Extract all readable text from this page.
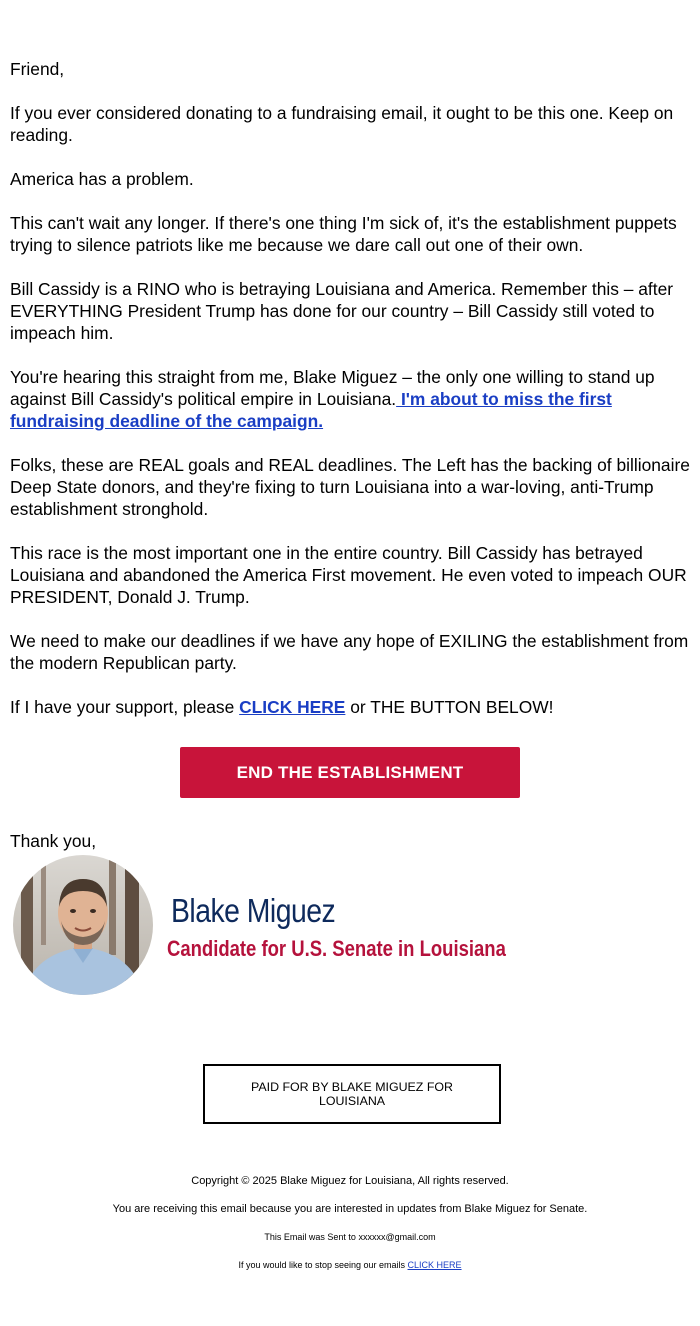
Friend,

If you ever considered donating to a fundraising email, it ought to be this one. Keep on reading.

America has a problem.

This can't wait any longer. If there's one thing I'm sick of, it's the establishment puppets trying to silence patriots like me because we dare call out one of their own.

Bill Cassidy is a RINO who is betraying Louisiana and America. Remember this – after EVERYTHING President Trump has done for our country – Bill Cassidy still voted to impeach him.

You're hearing this straight from me, Blake Miguez – the only one willing to stand up against Bill Cassidy's political empire in Louisiana. I'm about to miss the first fundraising deadline of the campaign.

Folks, these are REAL goals and REAL deadlines. The Left has the backing of billionaire Deep State donors, and they're fixing to turn Louisiana into a war-loving, anti-Trump establishment stronghold.

This race is the most important one in the entire country. Bill Cassidy has betrayed Louisiana and abandoned the America First movement. He even voted to impeach OUR PRESIDENT, Donald J. Trump.

We need to make our deadlines if we have any hope of EXILING the establishment from the modern Republican party.

If I have your support, please CLICK HERE or THE BUTTON BELOW!

END THE ESTABLISHMENT
Thank you,
Blake Miguez
Candidate for U.S. Senate in Louisiana
PAID FOR BY BLAKE MIGUEZ FOR LOUISIANA
Copyright © 2025 Blake Miguez for Louisiana, All rights reserved.
You are receiving this email because you are interested in updates from Blake Miguez for Senate.
This Email was Sent to xxxxxx@gmail.com
If you would like to stop seeing our emails CLICK HERE
